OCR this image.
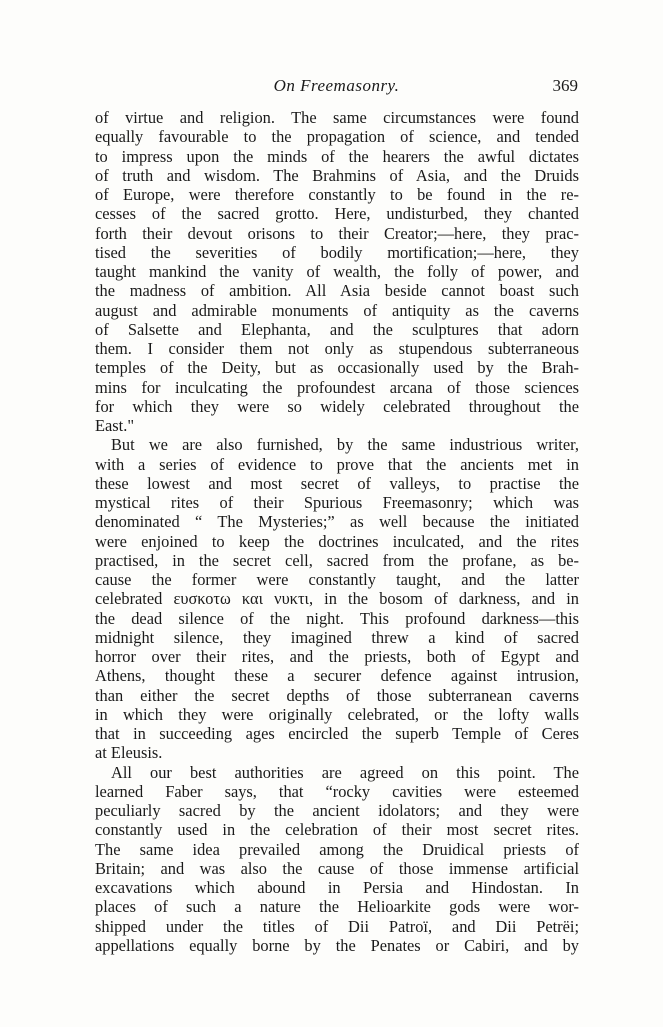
On Freemasonry.	369
of virtue and religion. The same circumstances were found
equally favourable to the propagation of science, and tended
to impress upon the minds of the hearers the awful dictates
of truth and wisdom. The Brahmins of Asia, and the Druids
of Europe, were therefore constantly to be found in the re-
cesses of the sacred grotto. Here, undisturbed, they chanted
forth their devout orisons to their Creator;—here, they prac-
tised the severities of bodily mortification;—here, they
taught mankind the vanity of wealth, the folly of power, and
the madness of ambition. All Asia beside cannot boast such
august and admirable monuments of antiquity as the caverns
of Salsette and Elephanta, and the sculptures that adorn
them. I consider them not only as stupendous subterraneous
temples of the Deity, but as occasionally used by the Brah-
mins for inculcating the profoundest arcana of those sciences
for which they were so widely celebrated throughout the
East."
But we are also furnished, by the same industrious writer,
with a series of evidence to prove that the ancients met in
these lowest and most secret of valleys, to practise the
mystical rites of their Spurious Freemasonry; which was
denominated “ The Mysteries;” as well because the initiated
were enjoined to keep the doctrines inculcated, and the rites
practised, in the secret cell, sacred from the profane, as be-
cause the former were constantly taught, and the latter
celebrated ευσκοτω και νυκτι, in the bosom of darkness, and in
the dead silence of the night. This profound darkness—this
midnight silence, they imagined threw a kind of sacred
horror over their rites, and the priests, both of Egypt and
Athens, thought these a securer defence against intrusion,
than either the secret depths of those subterranean caverns
in which they were originally celebrated, or the lofty walls
that in succeeding ages encircled the superb Temple of Ceres
at Eleusis.
All our best authorities are agreed on this point. The
learned Faber says, that “rocky cavities were esteemed
peculiarly sacred by the ancient idolators; and they were
constantly used in the celebration of their most secret rites.
The same idea prevailed among the Druidical priests of
Britain; and was also the cause of those immense artificial
excavations which abound in Persia and Hindostan. In
places of such a nature the Helioarkite gods were wor-
shipped under the titles of Dii Patroï, and Dii Petrëi;
appellations equally borne by the Penates or Cabiri, and by
